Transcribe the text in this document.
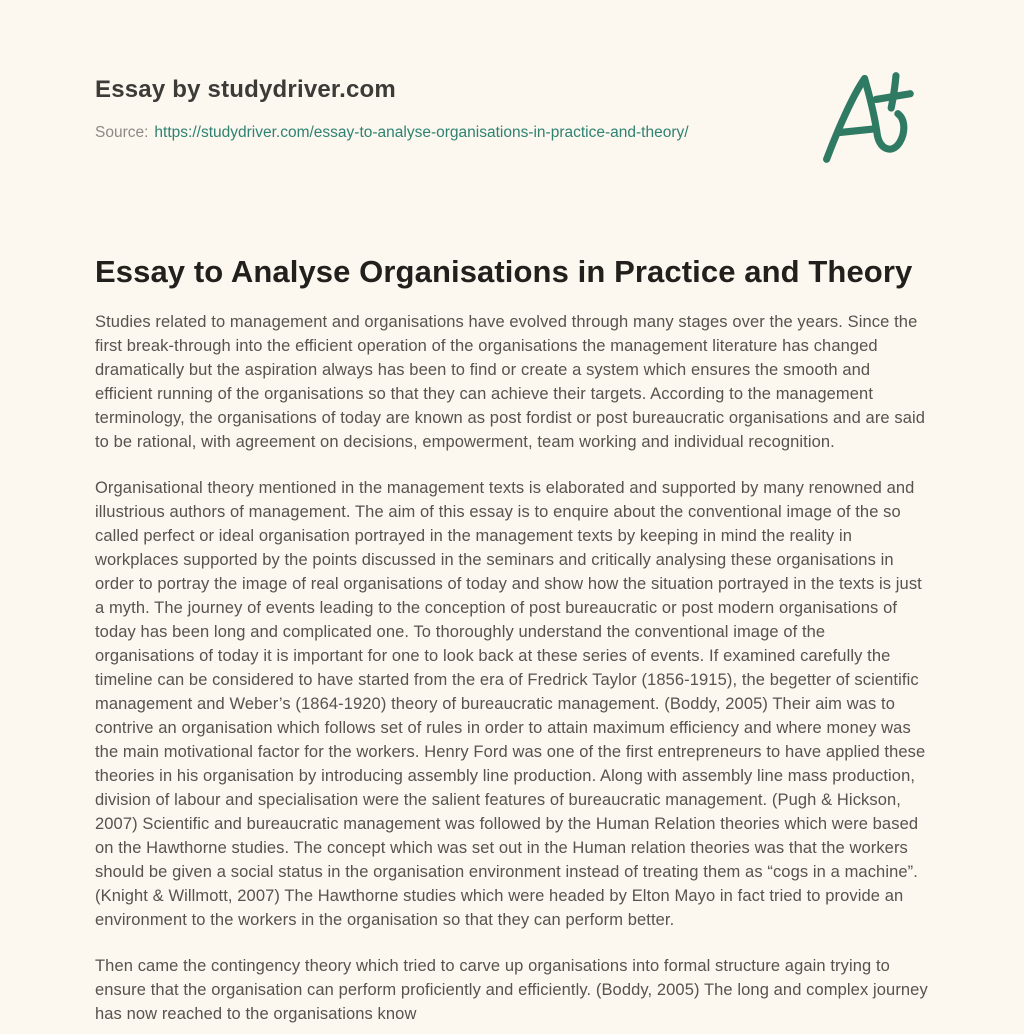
Essay by studydriver.com
Source: https://studydriver.com/essay-to-analyse-organisations-in-practice-and-theory/
Essay to Analyse Organisations in Practice and Theory

Studies related to management and organisations have evolved through many stages over the years. Since the first break-through into the efficient operation of the organisations the management literature has changed dramatically but the aspiration always has been to find or create a system which ensures the smooth and efficient running of the organisations so that they can achieve their targets. According to the management terminology, the organisations of today are known as post fordist or post bureaucratic organisations and are said to be rational, with agreement on decisions, empowerment, team working and individual recognition.

Organisational theory mentioned in the management texts is elaborated and supported by many renowned and illustrious authors of management. The aim of this essay is to enquire about the conventional image of the so called perfect or ideal organisation portrayed in the management texts by keeping in mind the reality in workplaces supported by the points discussed in the seminars and critically analysing these organisations in order to portray the image of real organisations of today and show how the situation portrayed in the texts is just a myth. The journey of events leading to the conception of post bureaucratic or post modern organisations of today has been long and complicated one. To thoroughly understand the conventional image of the organisations of today it is important for one to look back at these series of events. If examined carefully the timeline can be considered to have started from the era of Fredrick Taylor (1856-1915), the begetter of scientific management and Weber’s (1864-1920) theory of bureaucratic management. (Boddy, 2005) Their aim was to contrive an organisation which follows set of rules in order to attain maximum efficiency and where money was the main motivational factor for the workers. Henry Ford was one of the first entrepreneurs to have applied these theories in his organisation by introducing assembly line production. Along with assembly line mass production, division of labour and specialisation were the salient features of bureaucratic management. (Pugh & Hickson, 2007) Scientific and bureaucratic management was followed by the Human Relation theories which were based on the Hawthorne studies. The concept which was set out in the Human relation theories was that the workers should be given a social status in the organisation environment instead of treating them as “cogs in a machine”. (Knight & Willmott, 2007) The Hawthorne studies which were headed by Elton Mayo in fact tried to provide an environment to the workers in the organisation so that they can perform better.

Then came the contingency theory which tried to carve up organisations into formal structure again trying to ensure that the organisation can perform proficiently and efficiently. (Boddy, 2005) The long and complex journey has now reached to the organisations know
